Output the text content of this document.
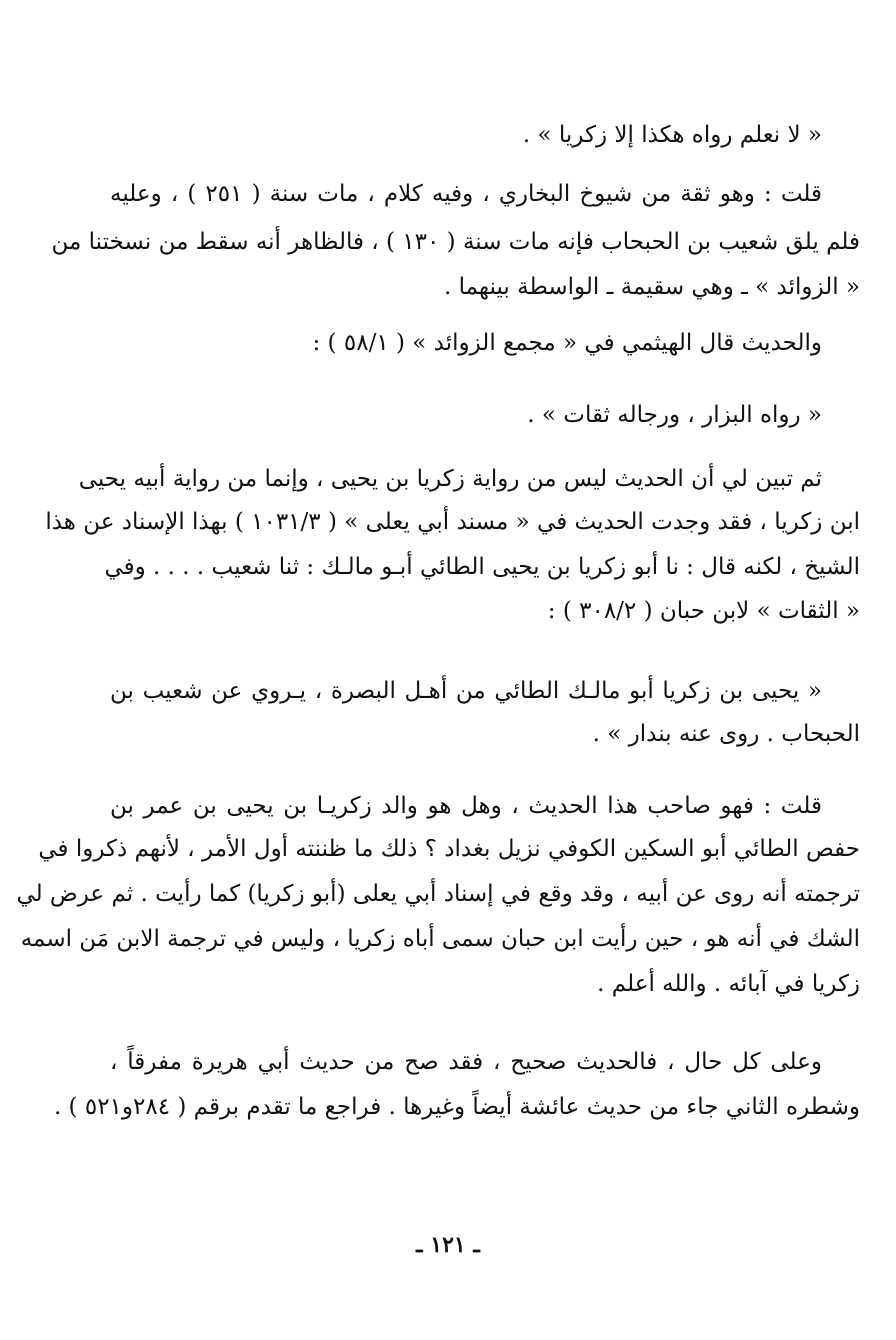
« لا نعلم رواه هكذا إلا زكريا » .
قلت : وهو ثقة من شيوخ البخاري ، وفيه كلام ، مات سنة ( ٢٥١ ) ، وعليه
فلم يلق شعيب بن الحبحاب فإنه مات سنة ( ١٣٠ ) ، فالظاهر أنه سقط من نسختنا من
« الزوائد » ـ وهي سقيمة ـ الواسطة بينهما .
والحديث قال الهيثمي في « مجمع الزوائد » ( ٥٨/١ ) :
« رواه البزار ، ورجاله ثقات » .
ثم تبين لي أن الحديث ليس من رواية زكريا بن يحيى ، وإنما من رواية أبيه يحيى
ابن زكريا ، فقد وجدت الحديث في « مسند أبي يعلى » ( ١٠٣١/٣ ) بهذا الإسناد عن هذا
الشيخ ، لكنه قال : نا أبو زكريا بن يحيى الطائي أبـو مالـك : ثنا شعيب . . . . وفي
« الثقات » لابن حبان ( ٣٠٨/٢ ) :
« يحيى بن زكريا أبو مالـك الطائي من أهـل البصرة ، يـروي عن شعيب بن
الحبحاب . روى عنه بندار » .
قلت : فهو صاحب هذا الحديث ، وهل هو والد زكريـا بن يحيى بن عمر بن
حفص الطائي أبو السكين الكوفي نزيل بغداد ؟ ذلك ما ظننته أول الأمر ، لأنهم ذكروا في
ترجمته أنه روى عن أبيه ، وقد وقع في إسناد أبي يعلى (أبو زكريا) كما رأيت . ثم عرض لي
الشك في أنه هو ، حين رأيت ابن حبان سمى أباه زكريا ، وليس في ترجمة الابن مَن اسمه
زكريا في آبائه . والله أعلم .
وعلى كل حال ، فالحديث صحيح ، فقد صح من حديث أبي هريرة مفرقاً ،
وشطره الثاني جاء من حديث عائشة أيضاً وغيرها . فراجع ما تقدم برقم ( ٢٨٤و٥٢١ ) .
ـ ١٢١ ـ
